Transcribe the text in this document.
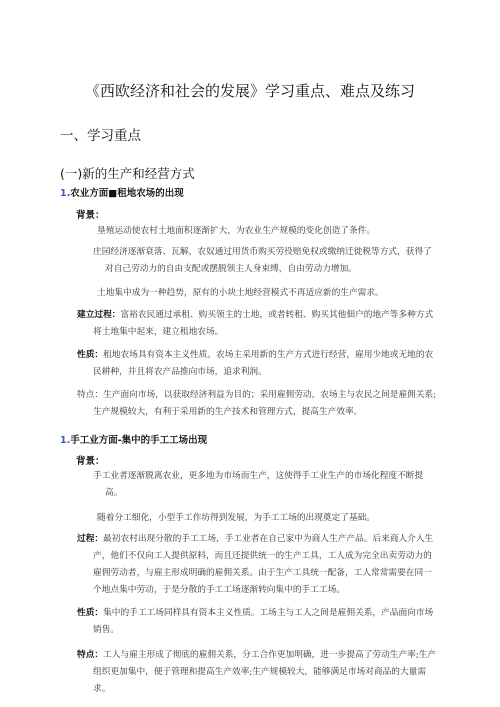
《西欧经济和社会的发展》学习重点、难点及练习
一、学习重点
(一)新的生产和经营方式
1.农业方面■租地农场的出现
背景：
垦殖运动使农村土地面积逐渐扩大，为农业生产规模的变化创造了条件。
庄园经济逐渐衰落、瓦解，农奴通过用货币购买劳役赔免权或缴纳迁徙税等方式，获得了对自己劳动力的自由支配或摆脱领主人身束缚，自由劳动力增加。
土地集中成为一种趋势，原有的小块土地经营模式不再适应新的生产需求。
建立过程：富裕农民通过承租、购买领主的土地，或者转租、购买其他佃户的地产等多种方式将土地集中起来，建立租地农场。
性质：租地农场具有资本主义性质。农场主采用新的生产方式进行经营，雇用少地或无地的农民耕种，并且将农产品推向市场，追求利润。
特点：生产面向市场，以获取经济利益为目的；采用雇佣劳动，农场主与农民之间是雇佣关系;生产规模较大，有利于采用新的生产技术和管理方式，提高生产效率。
1.手工业方面-集中的手工工场出现
背景：
手工业者逐渐脱离农业，更多地为市场而生产，这使得手工业生产的市场化程度不断提高。
随着分工细化，小型手工作坊得到发展，为手工工场的出现奠定了基础。
过程：最初农村出现分散的手工工场，手工业者在自己家中为商人生产产品。后来商人介入生产，他们不仅向工人提供原料，而且还提供统一的生产工具，工人成为完全出卖劳动力的雇佣劳动者，与雇主形成明确的雇佣关系。由于生产工具统一配备，工人常常需要在同一个地点集中劳动，于是分散的手工工场逐渐转向集中的手工工场。
性质：集中的手工工场同样具有资本主义性质。工场主与工人之间是雇佣关系，产品面向市场销售。
特点：工人与雇主形成了彻底的雇佣关系，分工合作更加明确，进一步提高了劳动生产率;生产组织更加集中，便于管理和提高生产效率;生产规模较大，能够满足市场对商品的大量需求。
